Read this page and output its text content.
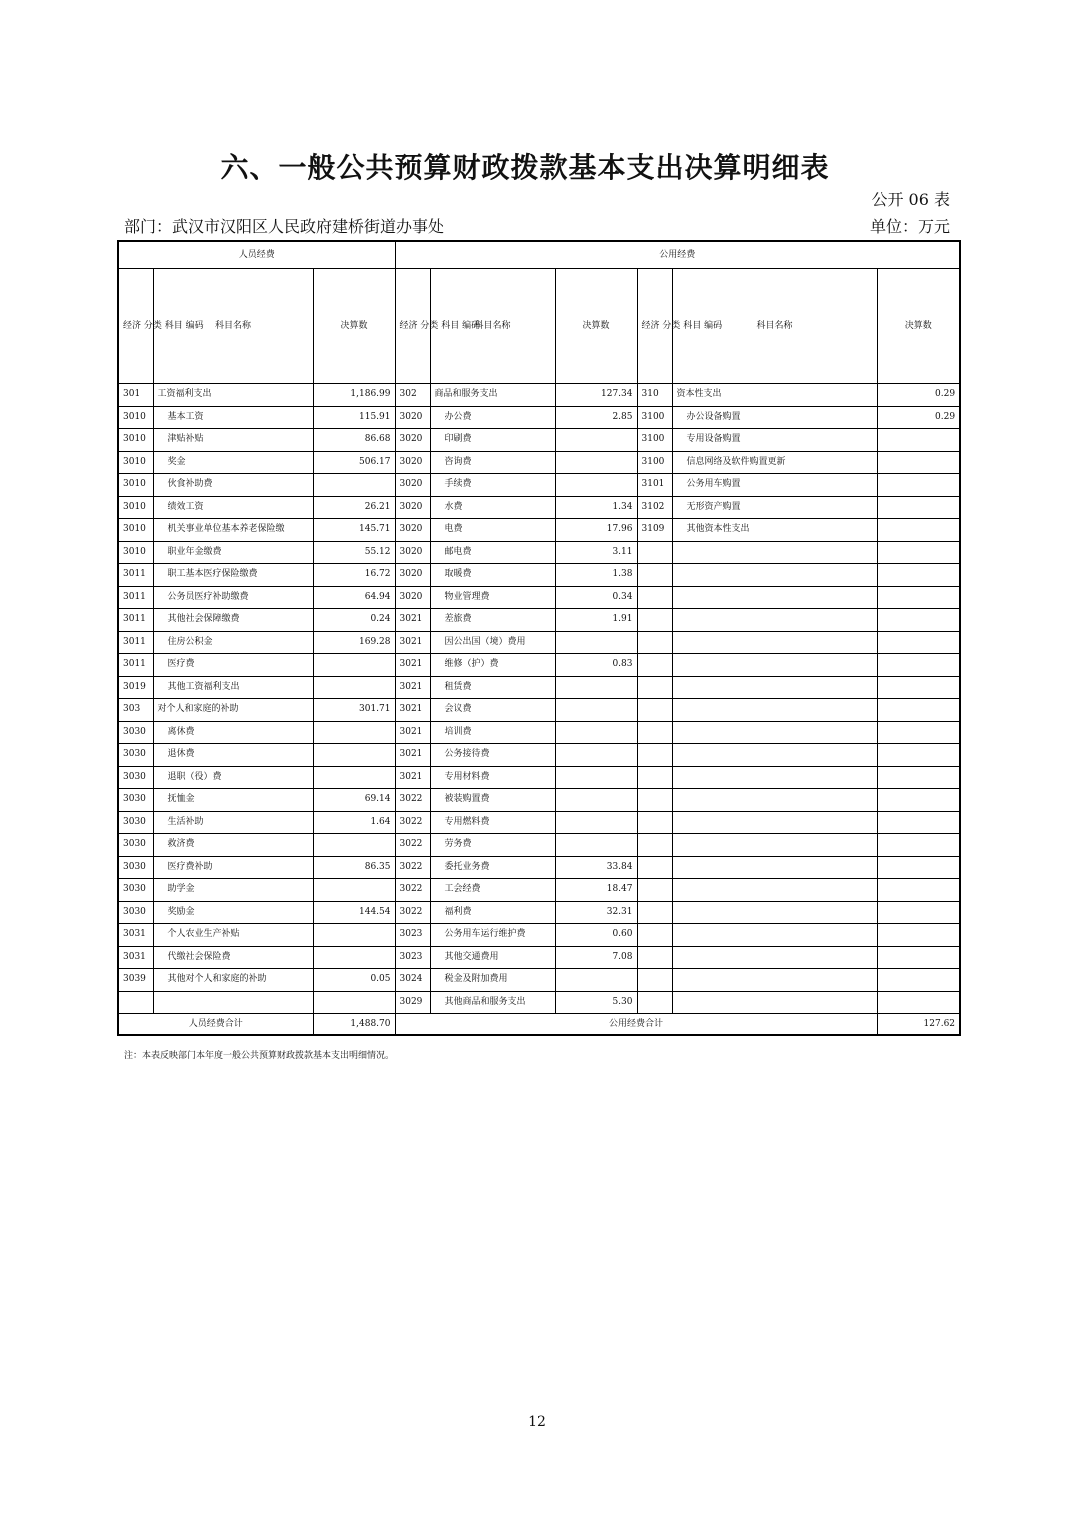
六、一般公共预算财政拨款基本支出决算明细表
公开 06 表
部门：武汉市汉阳区人民政府建桥街道办事处	单位：万元
人员经费			公用经费					
经济 分类 科目 编码	科目名称	决算数	经济 分类 科目 编码	科目名称	决算数	经济 分类 科目 编码	科目名称	决算数
301	工资福利支出	1,186.99	302	商品和服务支出	127.34	310	资本性支出	0.29
3010	基本工资	115.91	3020	办公费	2.85	3100	办公设备购置	0.29
3010	津贴补贴	86.68	3020	印刷费		3100	专用设备购置	
3010	奖金	506.17	3020	咨询费		3100	信息网络及软件购置更新	
3010	伙食补助费		3020	手续费		3101	公务用车购置	
3010	绩效工资	26.21	3020	水费	1.34	3102	无形资产购置	
3010	机关事业单位基本养老保险缴	145.71	3020	电费	17.96	3109	其他资本性支出	
3010	职业年金缴费	55.12	3020	邮电费	3.11			
3011	职工基本医疗保险缴费	16.72	3020	取暖费	1.38			
3011	公务员医疗补助缴费	64.94	3020	物业管理费	0.34			
3011	其他社会保障缴费	0.24	3021	差旅费	1.91			
3011	住房公积金	169.28	3021	因公出国（境）费用				
3011	医疗费		3021	维修（护）费	0.83			
3019	其他工资福利支出		3021	租赁费				
303	对个人和家庭的补助	301.71	3021	会议费				
3030	离休费		3021	培训费				
3030	退休费		3021	公务接待费				
3030	退职（役）费		3021	专用材料费				
3030	抚恤金	69.14	3022	被装购置费				
3030	生活补助	1.64	3022	专用燃料费				
3030	救济费		3022	劳务费				
3030	医疗费补助	86.35	3022	委托业务费	33.84			
3030	助学金		3022	工会经费	18.47			
3030	奖励金	144.54	3022	福利费	32.31			
3031	个人农业生产补贴		3023	公务用车运行维护费	0.60			
3031	代缴社会保险费		3023	其他交通费用	7.08			
3039	其他对个人和家庭的补助	0.05	3024	税金及附加费用				
			3029	其他商品和服务支出	5.30			
人员经费合计		1,488.70	公用经费合计					127.62
注：本表反映部门本年度一般公共预算财政拨款基本支出明细情况。
12
